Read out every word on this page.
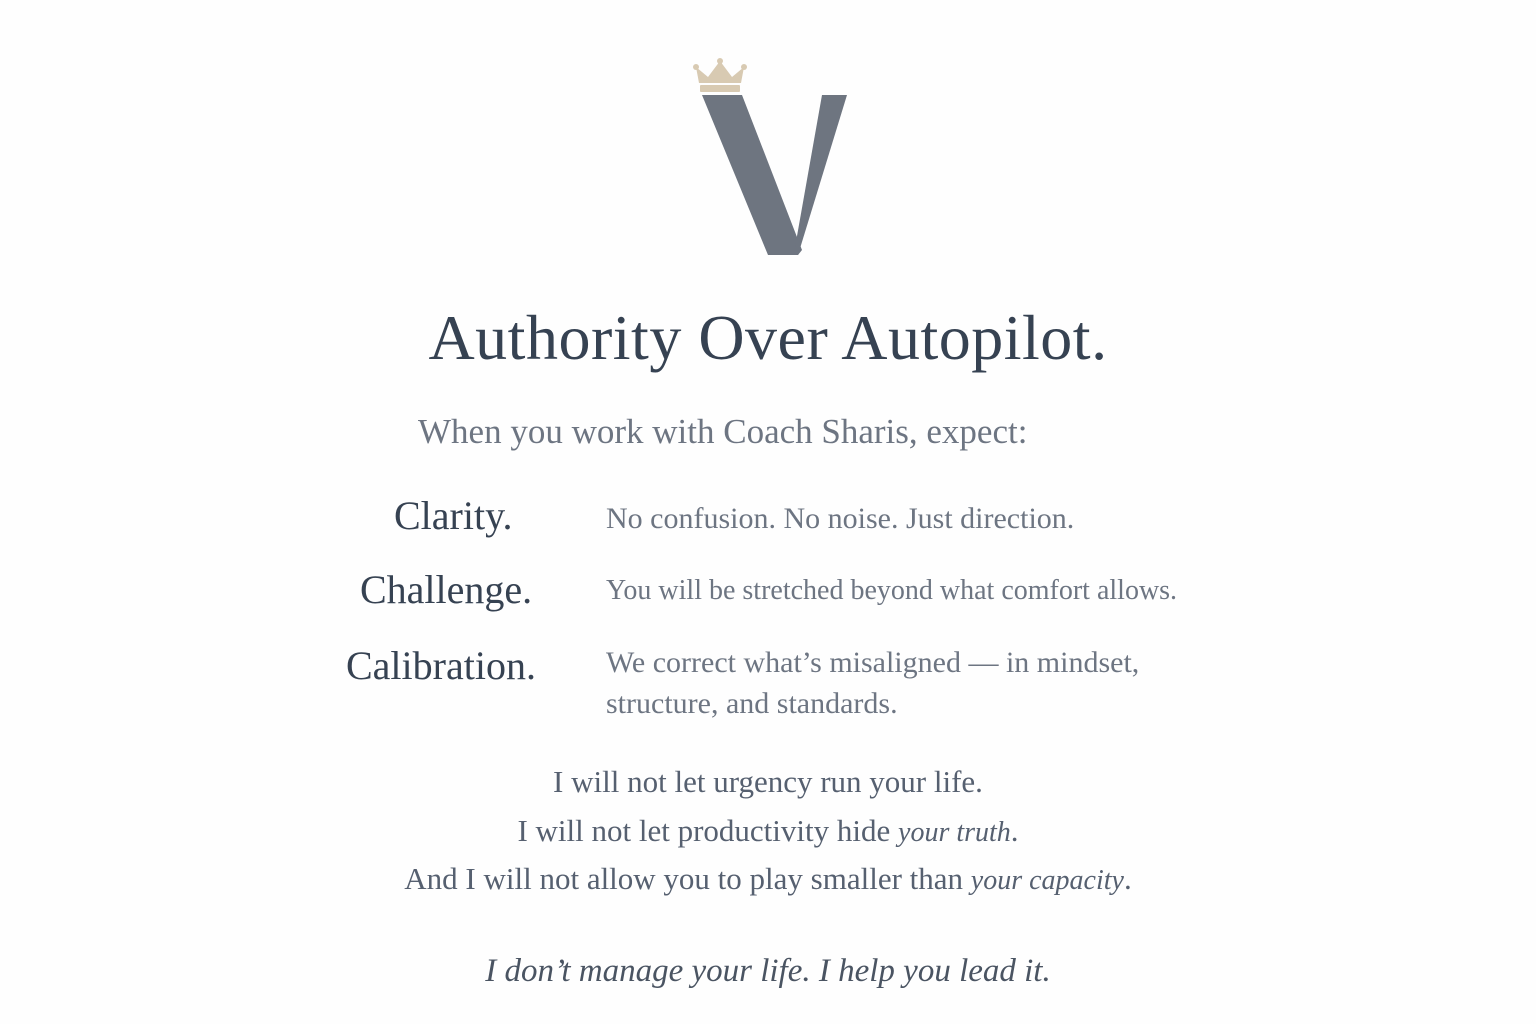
Authority Over Autopilot.
When you work with Coach Sharis, expect:
Clarity.	No confusion. No noise. Just direction.
Challenge.	You will be stretched beyond what comfort allows.
Calibration. We correct what’s misaligned — in mindset, structure, and standards.
I will not let urgency run your life.
I will not let productivity hide your truth.
And I will not allow you to play smaller than your capacity.
I don’t manage your life. I help you lead it.
